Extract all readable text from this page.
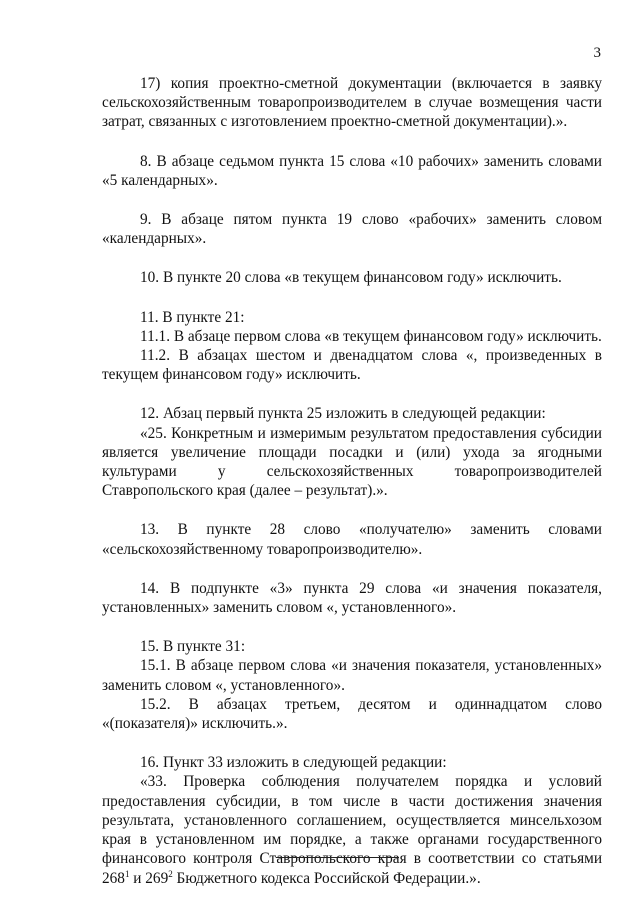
3

17) копия проектно-сметной документации (включается в заявку сельскохозяйственным товаропроизводителем в случае возмещения части затрат, связанных с изготовлением проектно-сметной документации).».

8. В абзаце седьмом пункта 15 слова «10 рабочих» заменить словами «5 календарных».

9. В абзаце пятом пункта 19 слово «рабочих» заменить словом «календарных».

10. В пункте 20 слова «в текущем финансовом году» исключить.

11. В пункте 21:

11.1. В абзаце первом слова «в текущем финансовом году» исключить.

11.2. В абзацах шестом и двенадцатом слова «, произведенных в текущем финансовом году» исключить.

12. Абзац первый пункта 25 изложить в следующей редакции:

«25. Конкретным и измеримым результатом предоставления субсидии является увеличение площади посадки и (или) ухода за ягодными культурами у сельскохозяйственных товаропроизводителей Ставропольского края (далее – результат).».

13. В пункте 28 слово «получателю» заменить словами «сельскохозяйственному товаропроизводителю».

14. В подпункте «3» пункта 29 слова «и значения показателя, установленных» заменить словом «, установленного».

15. В пункте 31:

15.1. В абзаце первом слова «и значения показателя, установленных» заменить словом «, установленного».

15.2. В абзацах третьем, десятом и одиннадцатом слово «(показателя)» исключить.».

16. Пункт 33 изложить в следующей редакции:

«33. Проверка соблюдения получателем порядка и условий предоставления субсидии, в том числе в части достижения значения результата, установленного соглашением, осуществляется минсельхозом края в установленном им порядке, а также органами государственного финансового контроля Ставропольского края в соответствии со статьями $268^1$ и $269^2$ Бюджетного кодекса Российской Федерации.».
